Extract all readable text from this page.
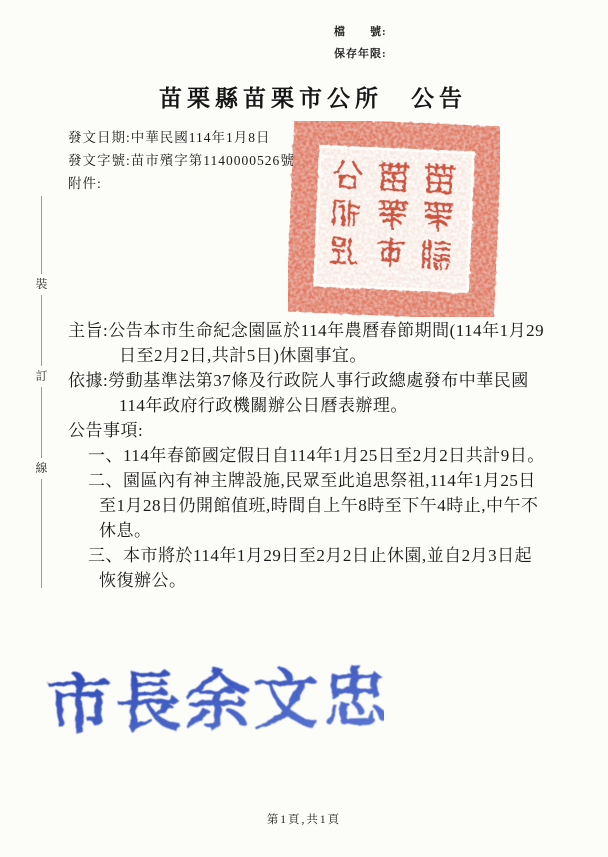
檔　　號:
保存年限:
苗栗縣苗栗市公所　公告
發文日期:中華民國114年1月8日
發文字號:苗市殯字第1140000526號
附件:
裝
訂
線

主旨:公告本市生命紀念園區於114年農曆春節期間(114年1月29日至2月2日,共計5日)休園事宜。

依據:勞動基準法第37條及行政院人事行政總處發布中華民國114年政府行政機關辦公日曆表辦理。

公告事項:

一、114年春節國定假日自114年1月25日至2月2日共計9日。

二、園區內有神主牌設施,民眾至此追思祭祖,114年1月25日至1月28日仍開館值班,時間自上午8時至下午4時止,中午不休息。

三、本市將於114年1月29日至2月2日止休園,並自2月3日起恢復辦公。

市長余文忠
第1頁,共1頁
